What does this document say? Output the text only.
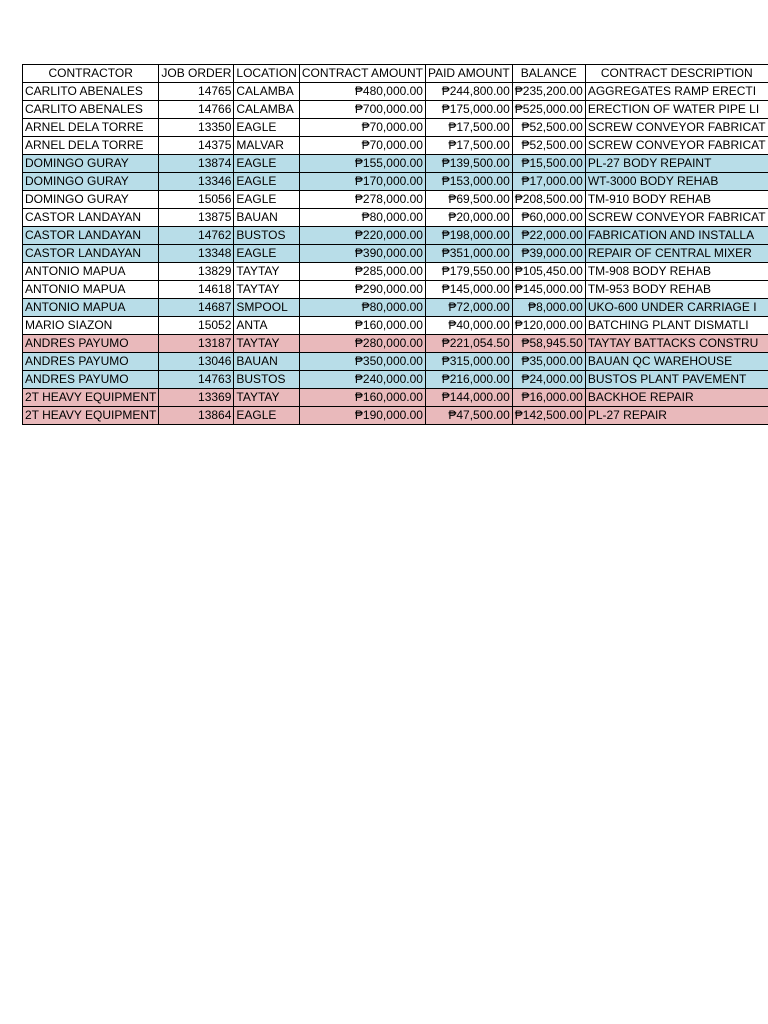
CONTRACTOR	JOB ORDER	LOCATION	CONTRACT AMOUNT	PAID AMOUNT	BALANCE	CONTRACT DESCRIPTION
CARLITO ABENALES	14765	CALAMBA	₱480,000.00	₱244,800.00	₱235,200.00	AGGREGATES RAMP ERECTI
CARLITO ABENALES	14766	CALAMBA	₱700,000.00	₱175,000.00	₱525,000.00	ERECTION OF WATER PIPE LI
ARNEL DELA TORRE	13350	EAGLE	₱70,000.00	₱17,500.00	₱52,500.00	SCREW CONVEYOR FABRICAT
ARNEL DELA TORRE	14375	MALVAR	₱70,000.00	₱17,500.00	₱52,500.00	SCREW CONVEYOR FABRICAT
DOMINGO GURAY	13874	EAGLE	₱155,000.00	₱139,500.00	₱15,500.00	PL-27 BODY REPAINT
DOMINGO GURAY	13346	EAGLE	₱170,000.00	₱153,000.00	₱17,000.00	WT-3000 BODY REHAB
DOMINGO GURAY	15056	EAGLE	₱278,000.00	₱69,500.00	₱208,500.00	TM-910 BODY REHAB
CASTOR LANDAYAN	13875	BAUAN	₱80,000.00	₱20,000.00	₱60,000.00	SCREW CONVEYOR FABRICAT
CASTOR LANDAYAN	14762	BUSTOS	₱220,000.00	₱198,000.00	₱22,000.00	FABRICATION AND INSTALLA
CASTOR LANDAYAN	13348	EAGLE	₱390,000.00	₱351,000.00	₱39,000.00	REPAIR OF CENTRAL MIXER
ANTONIO MAPUA	13829	TAYTAY	₱285,000.00	₱179,550.00	₱105,450.00	TM-908 BODY REHAB
ANTONIO MAPUA	14618	TAYTAY	₱290,000.00	₱145,000.00	₱145,000.00	TM-953 BODY REHAB
ANTONIO MAPUA	14687	SMPOOL	₱80,000.00	₱72,000.00	₱8,000.00	UKO-600 UNDER CARRIAGE I
MARIO SIAZON	15052	ANTA	₱160,000.00	₱40,000.00	₱120,000.00	BATCHING PLANT DISMATLI
ANDRES PAYUMO	13187	TAYTAY	₱280,000.00	₱221,054.50	₱58,945.50	TAYTAY BATTACKS CONSTRU
ANDRES PAYUMO	13046	BAUAN	₱350,000.00	₱315,000.00	₱35,000.00	BAUAN QC WAREHOUSE
ANDRES PAYUMO	14763	BUSTOS	₱240,000.00	₱216,000.00	₱24,000.00	BUSTOS PLANT PAVEMENT
2T HEAVY EQUIPMENT	13369	TAYTAY	₱160,000.00	₱144,000.00	₱16,000.00	BACKHOE REPAIR
2T HEAVY EQUIPMENT	13864	EAGLE	₱190,000.00	₱47,500.00	₱142,500.00	PL-27 REPAIR
